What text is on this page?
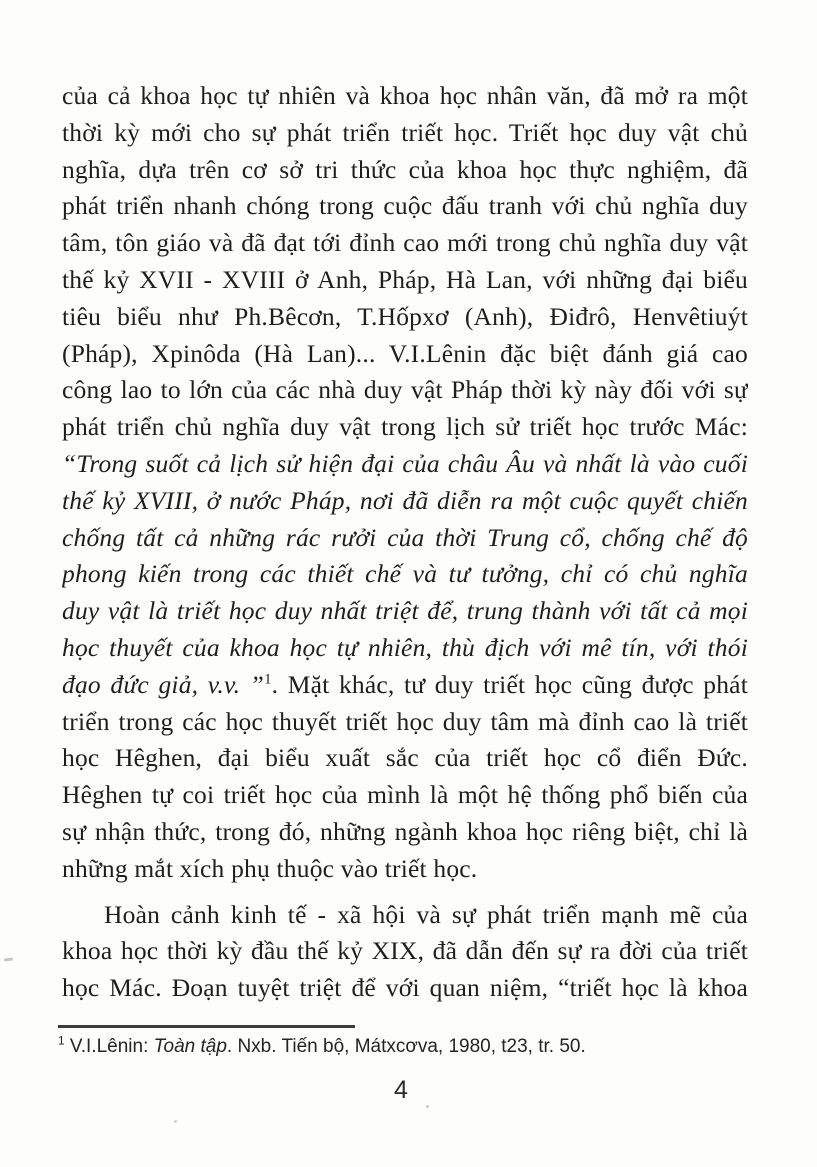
của cả khoa học tự nhiên và khoa học nhân văn, đã mở ra một
thời kỳ mới cho sự phát triển triết học. Triết học duy vật chủ
nghĩa, dựa trên cơ sở tri thức của khoa học thực nghiệm, đã
phát triển nhanh chóng trong cuộc đấu tranh với chủ nghĩa duy
tâm, tôn giáo và đã đạt tới đỉnh cao mới trong chủ nghĩa duy vật
thế kỷ XVII - XVIII ở Anh, Pháp, Hà Lan, với những đại biểu
tiêu biểu như Ph.Bêcơn, T.Hốpxơ (Anh), Điđrô, Henvêtiuýt
(Pháp), Xpinôda (Hà Lan)... V.I.Lênin đặc biệt đánh giá cao
công lao to lớn của các nhà duy vật Pháp thời kỳ này đối với sự
phát triển chủ nghĩa duy vật trong lịch sử triết học trước Mác:
“Trong suốt cả lịch sử hiện đại của châu Âu và nhất là vào cuối
thế kỷ XVIII, ở nước Pháp, nơi đã diễn ra một cuộc quyết chiến
chống tất cả những rác rưởi của thời Trung cổ, chống chế độ
phong kiến trong các thiết chế và tư tưởng, chỉ có chủ nghĩa
duy vật là triết học duy nhất triệt để, trung thành với tất cả mọi
học thuyết của khoa học tự nhiên, thù địch với mê tín, với thói
đạo đức giả, v.v. ”$^1$. Mặt khác, tư duy triết học cũng được phát
triển trong các học thuyết triết học duy tâm mà đỉnh cao là triết
học Hêghen, đại biểu xuất sắc của triết học cổ điển Đức.
Hêghen tự coi triết học của mình là một hệ thống phổ biến của
sự nhận thức, trong đó, những ngành khoa học riêng biệt, chỉ là
những mắt xích phụ thuộc vào triết học.
Hoàn cảnh kinh tế - xã hội và sự phát triển mạnh mẽ của
khoa học thời kỳ đầu thế kỷ XIX, đã dẫn đến sự ra đời của triết
học Mác. Đoạn tuyệt triệt để với quan niệm, “triết học là khoa
$^1$ V.I.Lênin: Toàn tập. Nxb. Tiến bộ, Mátxcơva, 1980, t23, tr. 50.
4
